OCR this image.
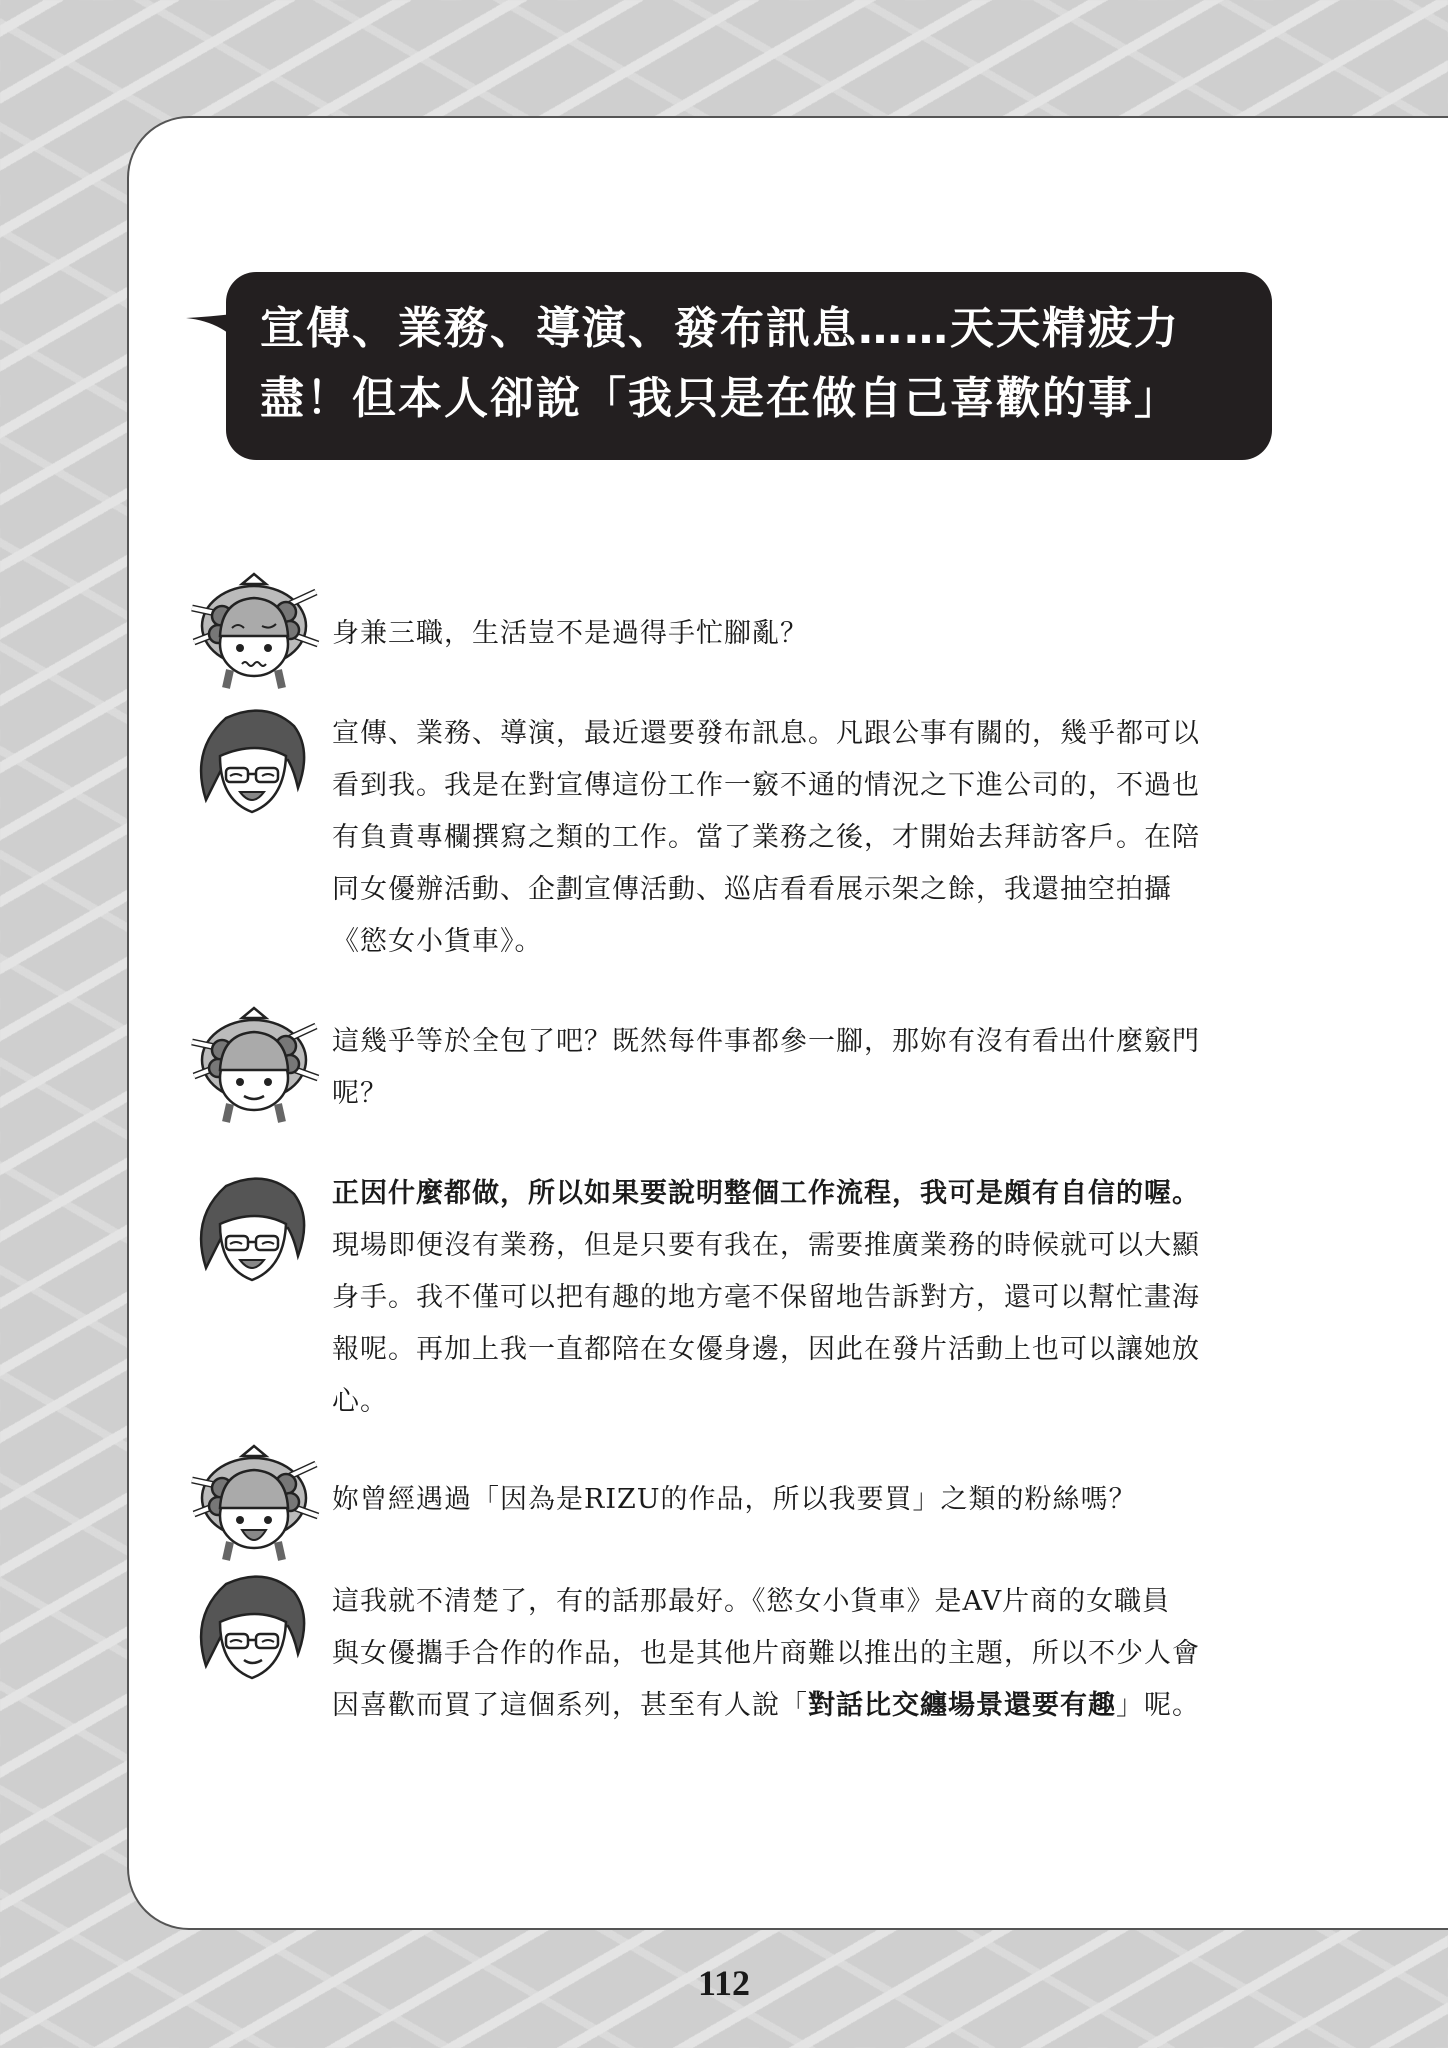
宣傳、業務、導演、發布訊息……天天精疲力
盡！但本人卻說「我只是在做自己喜歡的事」
身兼三職，生活豈不是過得手忙腳亂？
宣傳、業務、導演，最近還要發布訊息。凡跟公事有關的，幾乎都可以
看到我。我是在對宣傳這份工作一竅不通的情況之下進公司的，不過也
有負責專欄撰寫之類的工作。當了業務之後，才開始去拜訪客戶。在陪
同女優辦活動、企劃宣傳活動、巡店看看展示架之餘，我還抽空拍攝
《慾女小貨車》。
這幾乎等於全包了吧？既然每件事都參一腳，那妳有沒有看出什麼竅門
呢？
正因什麼都做，所以如果要說明整個工作流程，我可是頗有自信的喔。
現場即便沒有業務，但是只要有我在，需要推廣業務的時候就可以大顯
身手。我不僅可以把有趣的地方毫不保留地告訴對方，還可以幫忙畫海
報呢。再加上我一直都陪在女優身邊，因此在發片活動上也可以讓她放
心。
妳曾經遇過「因為是RIZU的作品，所以我要買」之類的粉絲嗎？
這我就不清楚了，有的話那最好。《慾女小貨車》是AV片商的女職員
與女優攜手合作的作品，也是其他片商難以推出的主題，所以不少人會
因喜歡而買了這個系列，甚至有人說「對話比交纏場景還要有趣」呢。
112
